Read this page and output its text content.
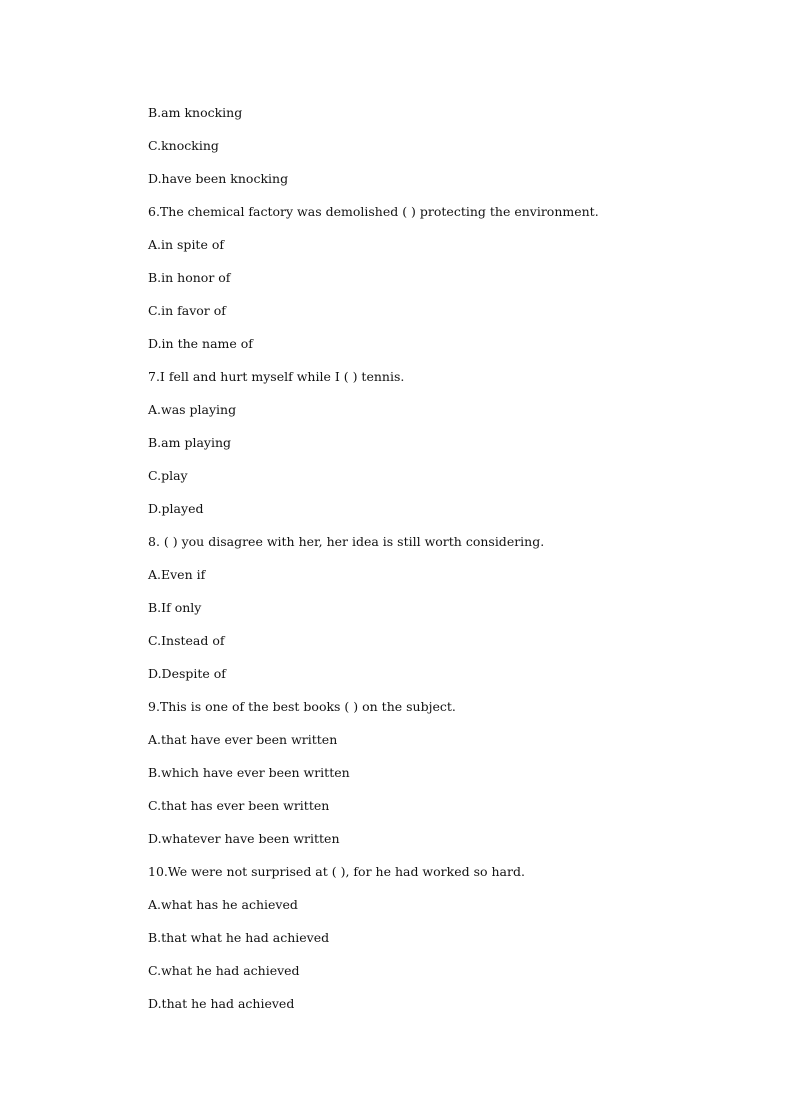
B.am knocking
C.knocking
D.have been knocking
6.The chemical factory was demolished ( ) protecting the environment.
A.in spite of
B.in honor of
C.in favor of
D.in the name of
7.I fell and hurt myself while I ( ) tennis.
A.was playing
B.am playing
C.play
D.played
8. ( ) you disagree with her, her idea is still worth considering.
A.Even if
B.If only
C.Instead of
D.Despite of
9.This is one of the best books ( ) on the subject.
A.that have ever been written
B.which have ever been written
C.that has ever been written
D.whatever have been written
10.We were not surprised at ( ), for he had worked so hard.
A.what has he achieved
B.that what he had achieved
C.what he had achieved
D.that he had achieved
